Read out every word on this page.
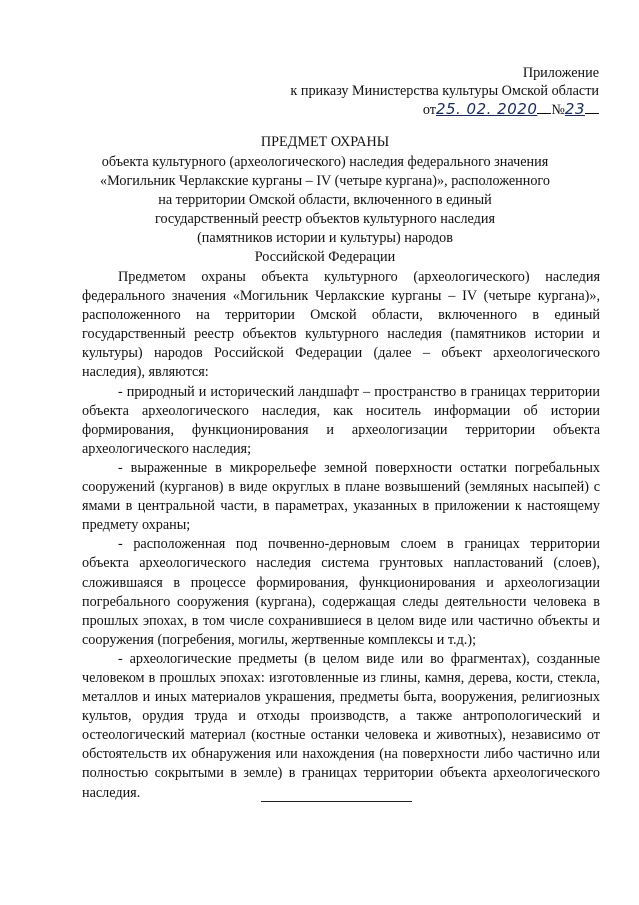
Приложение
к приказу Министерства культуры Омской области
от25. 02. 2020 №23
ПРЕДМЕТ ОХРАНЫ
объекта культурного (археологического) наследия федерального значения
«Могильник Черлакские курганы – IV (четыре кургана)», расположенного
на территории Омской области, включенного в единый
государственный реестр объектов культурного наследия
(памятников истории и культуры) народов
Российской Федерации

Предметом охраны объекта культурного (археологического) наследия федерального значения «Могильник Черлакские курганы – IV (четыре кургана)», расположенного на территории Омской области, включенного в единый государственный реестр объектов культурного наследия (памятников истории и культуры) народов Российской Федерации (далее – объект археологического наследия), являются:

- природный и исторический ландшафт – пространство в границах территории объекта археологического наследия, как носитель информации об истории формирования, функционирования и археологизации территории объекта археологического наследия;

- выраженные в микрорельефе земной поверхности остатки погребальных сооружений (курганов) в виде округлых в плане возвышений (земляных насыпей) с ямами в центральной части, в параметрах, указанных в приложении к настоящему предмету охраны;

- расположенная под почвенно-дерновым слоем в границах территории объекта археологического наследия система грунтовых напластований (слоев), сложившаяся в процессе формирования, функционирования и археологизации погребального сооружения (кургана), содержащая следы деятельности человека в прошлых эпохах, в том числе сохранившиеся в целом виде или частично объекты и сооружения (погребения, могилы, жертвенные комплексы и т.д.);

- археологические предметы (в целом виде или во фрагментах), созданные человеком в прошлых эпохах: изготовленные из глины, камня, дерева, кости, стекла, металлов и иных материалов украшения, предметы быта, вооружения, религиозных культов, орудия труда и отходы производств, а также антропологический и остеологический материал (костные останки человека и животных), независимо от обстоятельств их обнаружения или нахождения (на поверхности либо частично или полностью сокрытыми в земле) в границах территории объекта археологического наследия.
